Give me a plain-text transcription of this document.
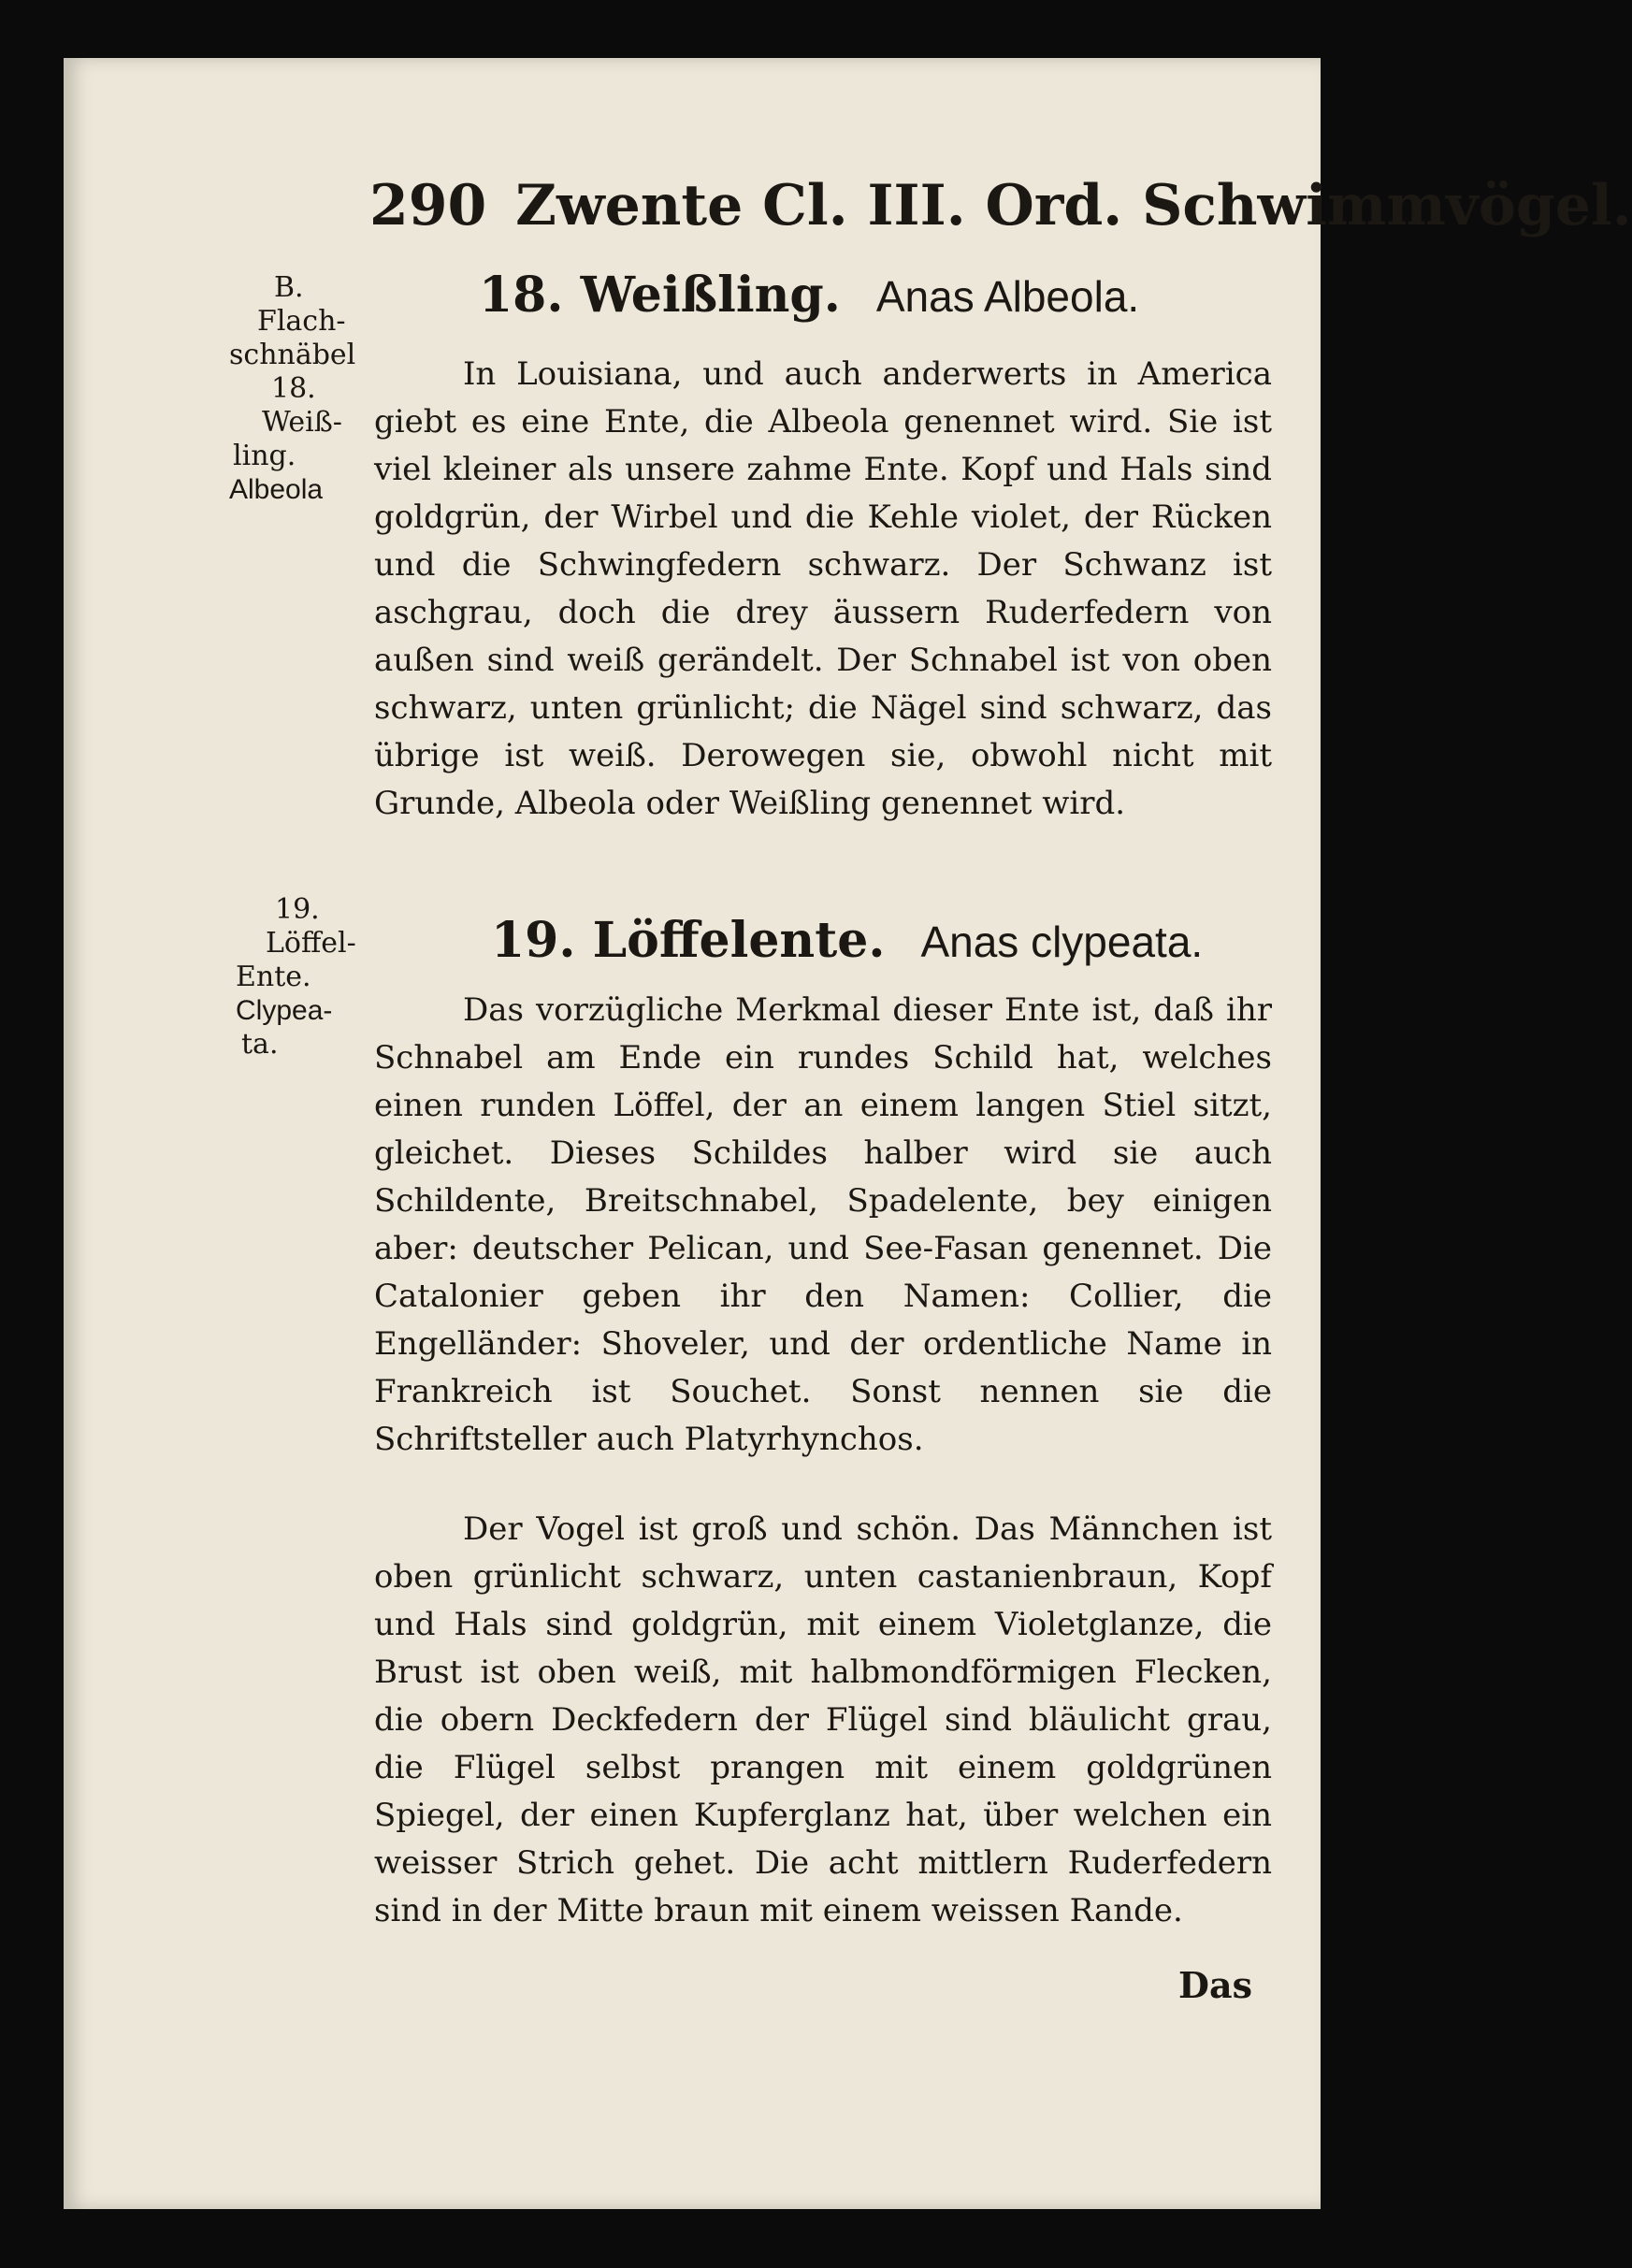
290 Zwente Cl. III. Ord. Schwimmvögel.
B.
Flach-
schnäbel
18.
Weiß-
ling.
Albeola
19.
Löffel-
Ente.
Clypea-
ta.
18. Weißling. Anas Albeola.
In Louisiana, und auch anderwerts in America giebt es eine Ente, die Albeola genennet wird. Sie ist viel kleiner als unsere zahme Ente. Kopf und Hals sind goldgrün, der Wirbel und die Kehle violet, der Rücken und die Schwingfedern schwarz. Der Schwanz ist aschgrau, doch die drey äussern Ruderfedern von außen sind weiß gerändelt. Der Schnabel ist von oben schwarz, unten grünlicht; die Nägel sind schwarz, das übrige ist weiß. Derowegen sie, obwohl nicht mit Grunde, Albeola oder Weißling genennet wird.
19. Löffelente. Anas clypeata.
Das vorzügliche Merkmal dieser Ente ist, daß ihr Schnabel am Ende ein rundes Schild hat, welches einen runden Löffel, der an einem langen Stiel sitzt, gleichet. Dieses Schildes halber wird sie auch Schildente, Breitschnabel, Spadelente, bey einigen aber: deutscher Pelican, und See-Fasan genennet. Die Catalonier geben ihr den Namen: Collier, die Engelländer: Shoveler, und der ordentliche Name in Frankreich ist Souchet. Sonst nennen sie die Schriftsteller auch Platyrhynchos.
Der Vogel ist groß und schön. Das Männchen ist oben grünlicht schwarz, unten castanienbraun, Kopf und Hals sind goldgrün, mit einem Violetglanze, die Brust ist oben weiß, mit halbmondförmigen Flecken, die obern Deckfedern der Flügel sind bläulicht grau, die Flügel selbst prangen mit einem goldgrünen Spiegel, der einen Kupferglanz hat, über welchen ein weisser Strich gehet. Die acht mittlern Ruderfedern sind in der Mitte braun mit einem weissen Rande.
Das
